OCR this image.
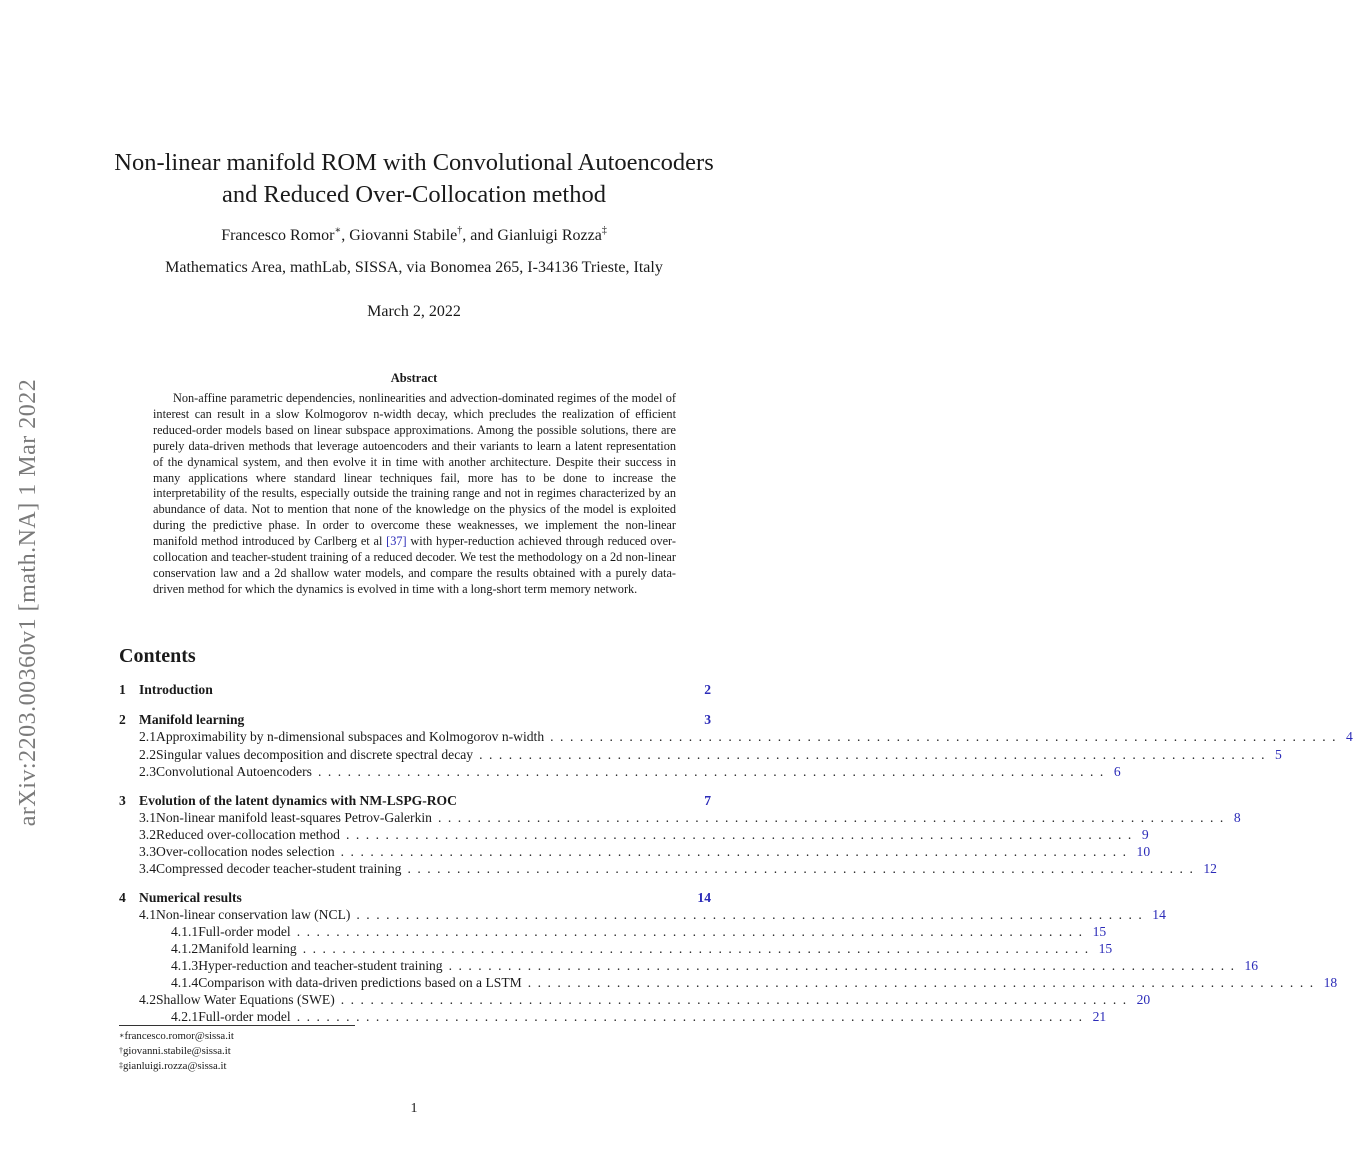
arXiv:2203.00360v1 [math.NA] 1 Mar 2022
Non-linear manifold ROM with Convolutional Autoencoders
and Reduced Over-Collocation method
Francesco Romor∗, Giovanni Stabile†, and Gianluigi Rozza‡
Mathematics Area, mathLab, SISSA, via Bonomea 265, I-34136 Trieste, Italy
March 2, 2022
Abstract
Non-affine parametric dependencies, nonlinearities and advection-dominated regimes of the model of interest can result in a slow Kolmogorov n-width decay, which precludes the realization of efficient reduced-order models based on linear subspace approximations. Among the possible solutions, there are purely data-driven methods that leverage autoencoders and their variants to learn a latent representation of the dynamical system, and then evolve it in time with another architecture. Despite their success in many applications where standard linear techniques fail, more has to be done to increase the interpretability of the results, especially outside the training range and not in regimes characterized by an abundance of data. Not to mention that none of the knowledge on the physics of the model is exploited during the predictive phase. In order to overcome these weaknesses, we implement the non-linear manifold method introduced by Carlberg et al [37] with hyper-reduction achieved through reduced over-collocation and teacher-student training of a reduced decoder. We test the methodology on a 2d non-linear conservation law and a 2d shallow water models, and compare the results obtained with a purely data-driven method for which the dynamics is evolved in time with a long-short term memory network.
Contents
1 Introduction	2
2 Manifold learning	3
2.1 Approximability by n-dimensional subspaces and Kolmogorov n-width ................................................................................ 4
2.2 Singular values decomposition and discrete spectral decay ................................................................................ 5
2.3 Convolutional Autoencoders ................................................................................ 6
3 Evolution of the latent dynamics with NM-LSPG-ROC	7
3.1 Non-linear manifold least-squares Petrov-Galerkin ................................................................................ 8
3.2 Reduced over-collocation method ................................................................................ 9
3.3 Over-collocation nodes selection ................................................................................ 10
3.4 Compressed decoder teacher-student training ................................................................................ 12
4 Numerical results	14
4.1 Non-linear conservation law (NCL) ................................................................................ 14
4.1.1 Full-order model ................................................................................ 15
4.1.2 Manifold learning ................................................................................ 15
4.1.3 Hyper-reduction and teacher-student training ................................................................................ 16
4.1.4 Comparison with data-driven predictions based on a LSTM ................................................................................ 18
4.2 Shallow Water Equations (SWE) ................................................................................ 20
4.2.1 Full-order model ................................................................................ 21
∗francesco.romor@sissa.it
†giovanni.stabile@sissa.it
‡gianluigi.rozza@sissa.it
1
